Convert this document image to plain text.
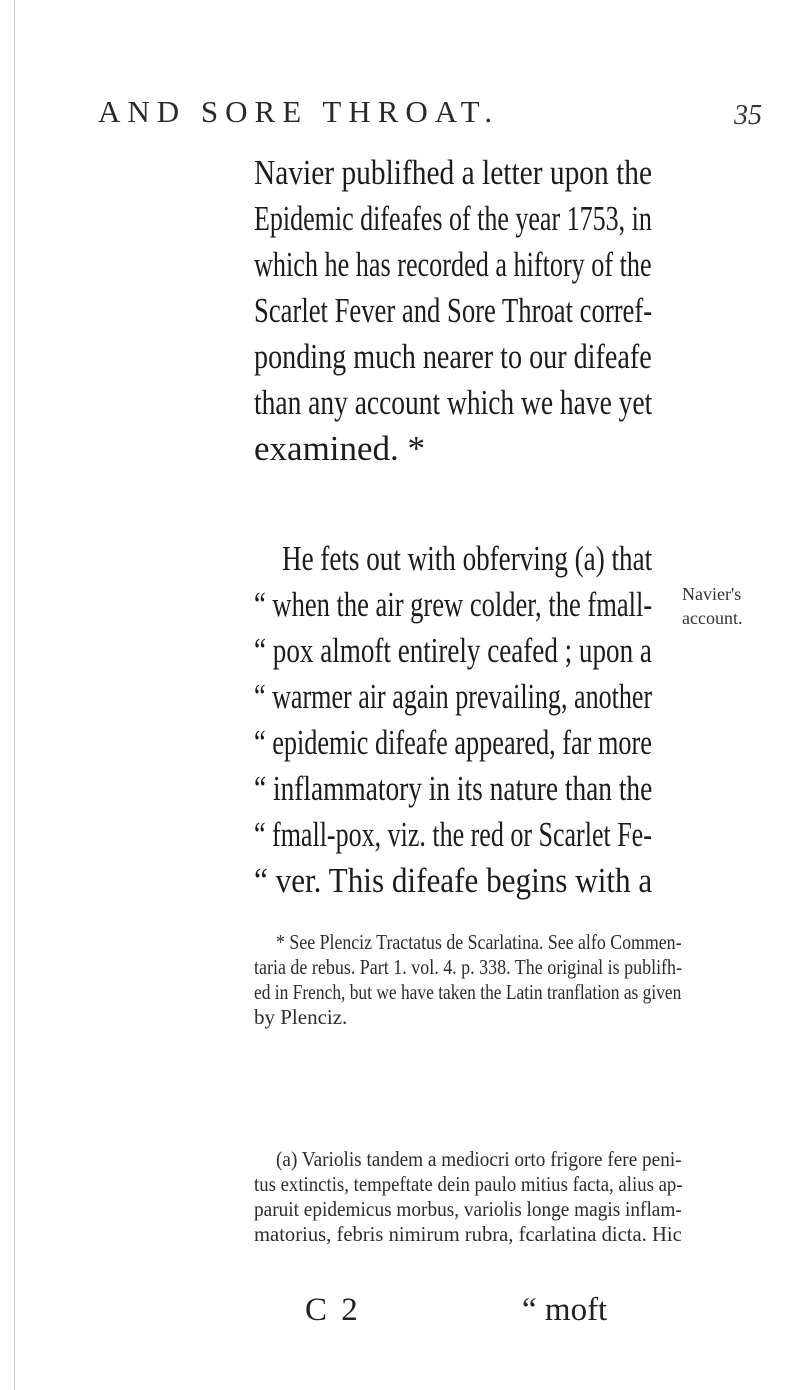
AND SORE THROAT.	35
Navier publifhed a letter upon the
Epidemic difeafes of the year 1753, in
which he has recorded a hiftory of the
Scarlet Fever and Sore Throat corref-
ponding much nearer to our difeafe
than any account which we have yet
examined. *
He fets out with obferving (a) that
“ when the air grew colder, the fmall-
“ pox almoft entirely ceafed ; upon a
“ warmer air again prevailing, another
“ epidemic difeafe appeared, far more
“ inflammatory in its nature than the
“ fmall-pox, viz. the red or Scarlet Fe-
“ ver. This difeafe begins with a
Navier's
account.
* See Plenciz Tractatus de Scarlatina. See alfo Commen-
taria de rebus. Part 1. vol. 4. p. 338. The original is publifh-
ed in French, but we have taken the Latin tranflation as given
by Plenciz.
(a) Variolis tandem a mediocri orto frigore fere peni-
tus extinctis, tempeftate dein paulo mitius facta, alius ap-
paruit epidemicus morbus, variolis longe magis inflam-
matorius, febris nimirum rubra, fcarlatina dicta. Hic
C 2	“ moft
